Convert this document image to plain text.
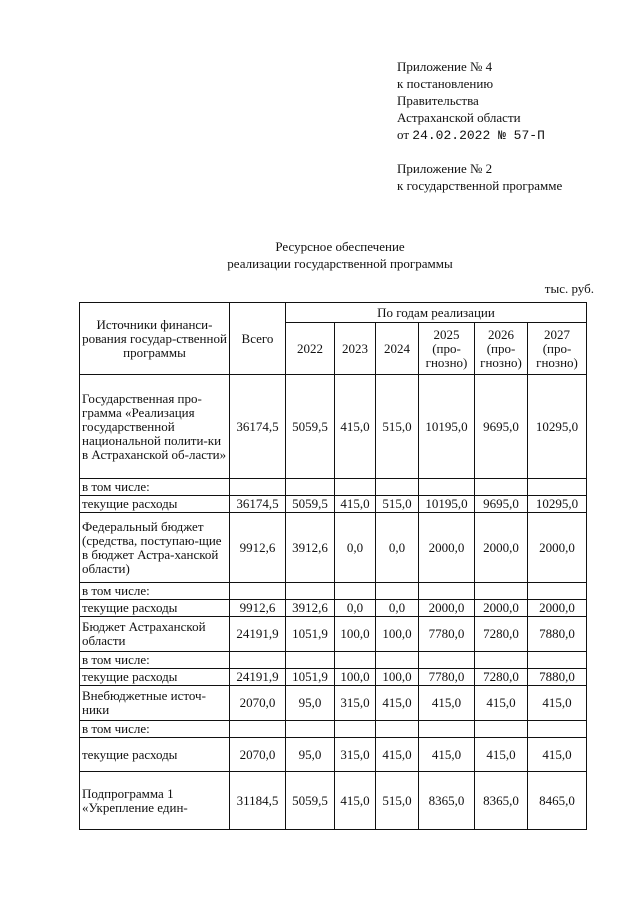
Приложение № 4
к постановлению
Правительства
Астраханской области
от 24.02.2022 № 57-П
Приложение № 2
к государственной программе
Ресурсное обеспечение
реализации государственной программы
тыс. руб.
Источники финанси-рования государ-ственной программы	Всего	По годам реализации					
		2022	2023	2024	2025 (про-гнозно)	2026 (про-гнозно)	2027 (про-гнозно)
Государственная про-грамма «Реализация государственной национальной полити-ки в Астраханской об-ласти»	36174,5	5059,5	415,0	515,0	10195,0	9695,0	10295,0
в том числе:							
текущие расходы	36174,5	5059,5	415,0	515,0	10195,0	9695,0	10295,0
Федеральный бюджет (средства, поступаю-щие в бюджет Астра-ханской области)	9912,6	3912,6	0,0	0,0	2000,0	2000,0	2000,0
в том числе:							
текущие расходы	9912,6	3912,6	0,0	0,0	2000,0	2000,0	2000,0
Бюджет Астраханской области	24191,9	1051,9	100,0	100,0	7780,0	7280,0	7880,0
в том числе:							
текущие расходы	24191,9	1051,9	100,0	100,0	7780,0	7280,0	7880,0
Внебюджетные источ-ники	2070,0	95,0	315,0	415,0	415,0	415,0	415,0
в том числе:							
текущие расходы	2070,0	95,0	315,0	415,0	415,0	415,0	415,0
Подпрограмма 1 «Укрепление един-	31184,5	5059,5	415,0	515,0	8365,0	8365,0	8465,0
